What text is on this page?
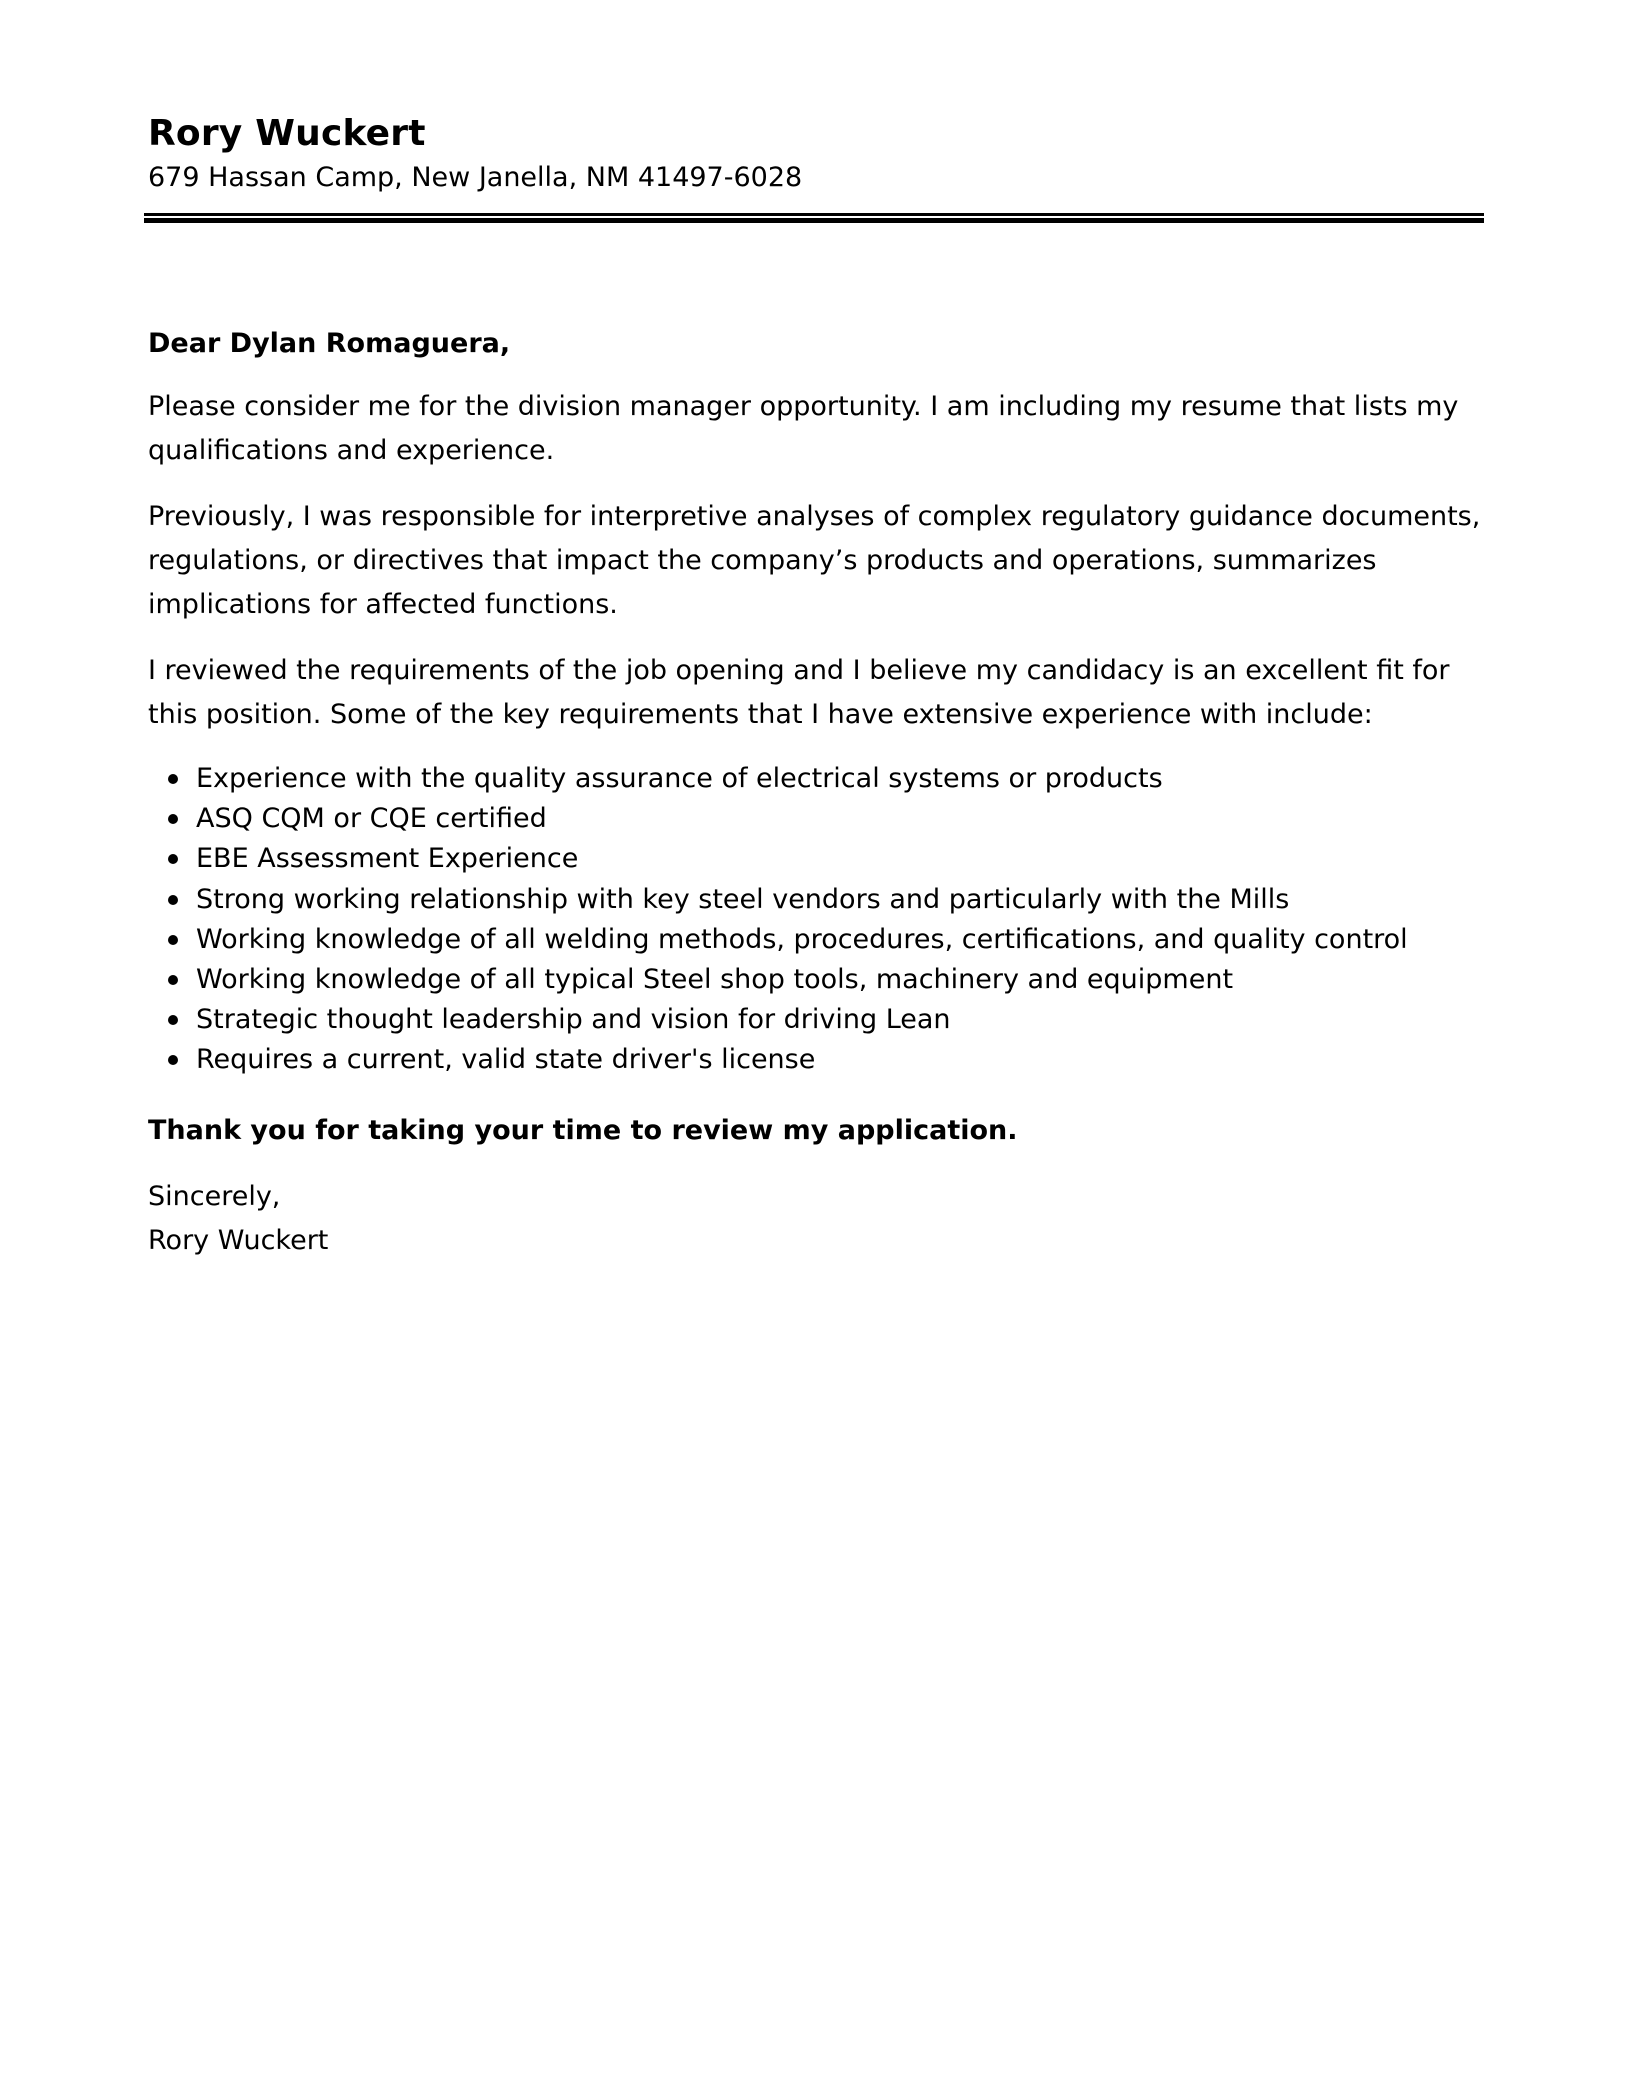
Rory Wuckert
679 Hassan Camp, New Janella, NM 41497-6028

Dear Dylan Romaguera,

Please consider me for the division manager opportunity. I am including my resume that lists my qualifications and experience.

Previously, I was responsible for interpretive analyses of complex regulatory guidance documents, regulations, or directives that impact the company’s products and operations, summarizes implications for affected functions.

I reviewed the requirements of the job opening and I believe my candidacy is an excellent fit for this position. Some of the key requirements that I have extensive experience with include:

Experience with the quality assurance of electrical systems or products
ASQ CQM or CQE certified
EBE Assessment Experience
Strong working relationship with key steel vendors and particularly with the Mills
Working knowledge of all welding methods, procedures, certifications, and quality control
Working knowledge of all typical Steel shop tools, machinery and equipment
Strategic thought leadership and vision for driving Lean
Requires a current, valid state driver's license

Thank you for taking your time to review my application.

Sincerely,

Rory Wuckert
